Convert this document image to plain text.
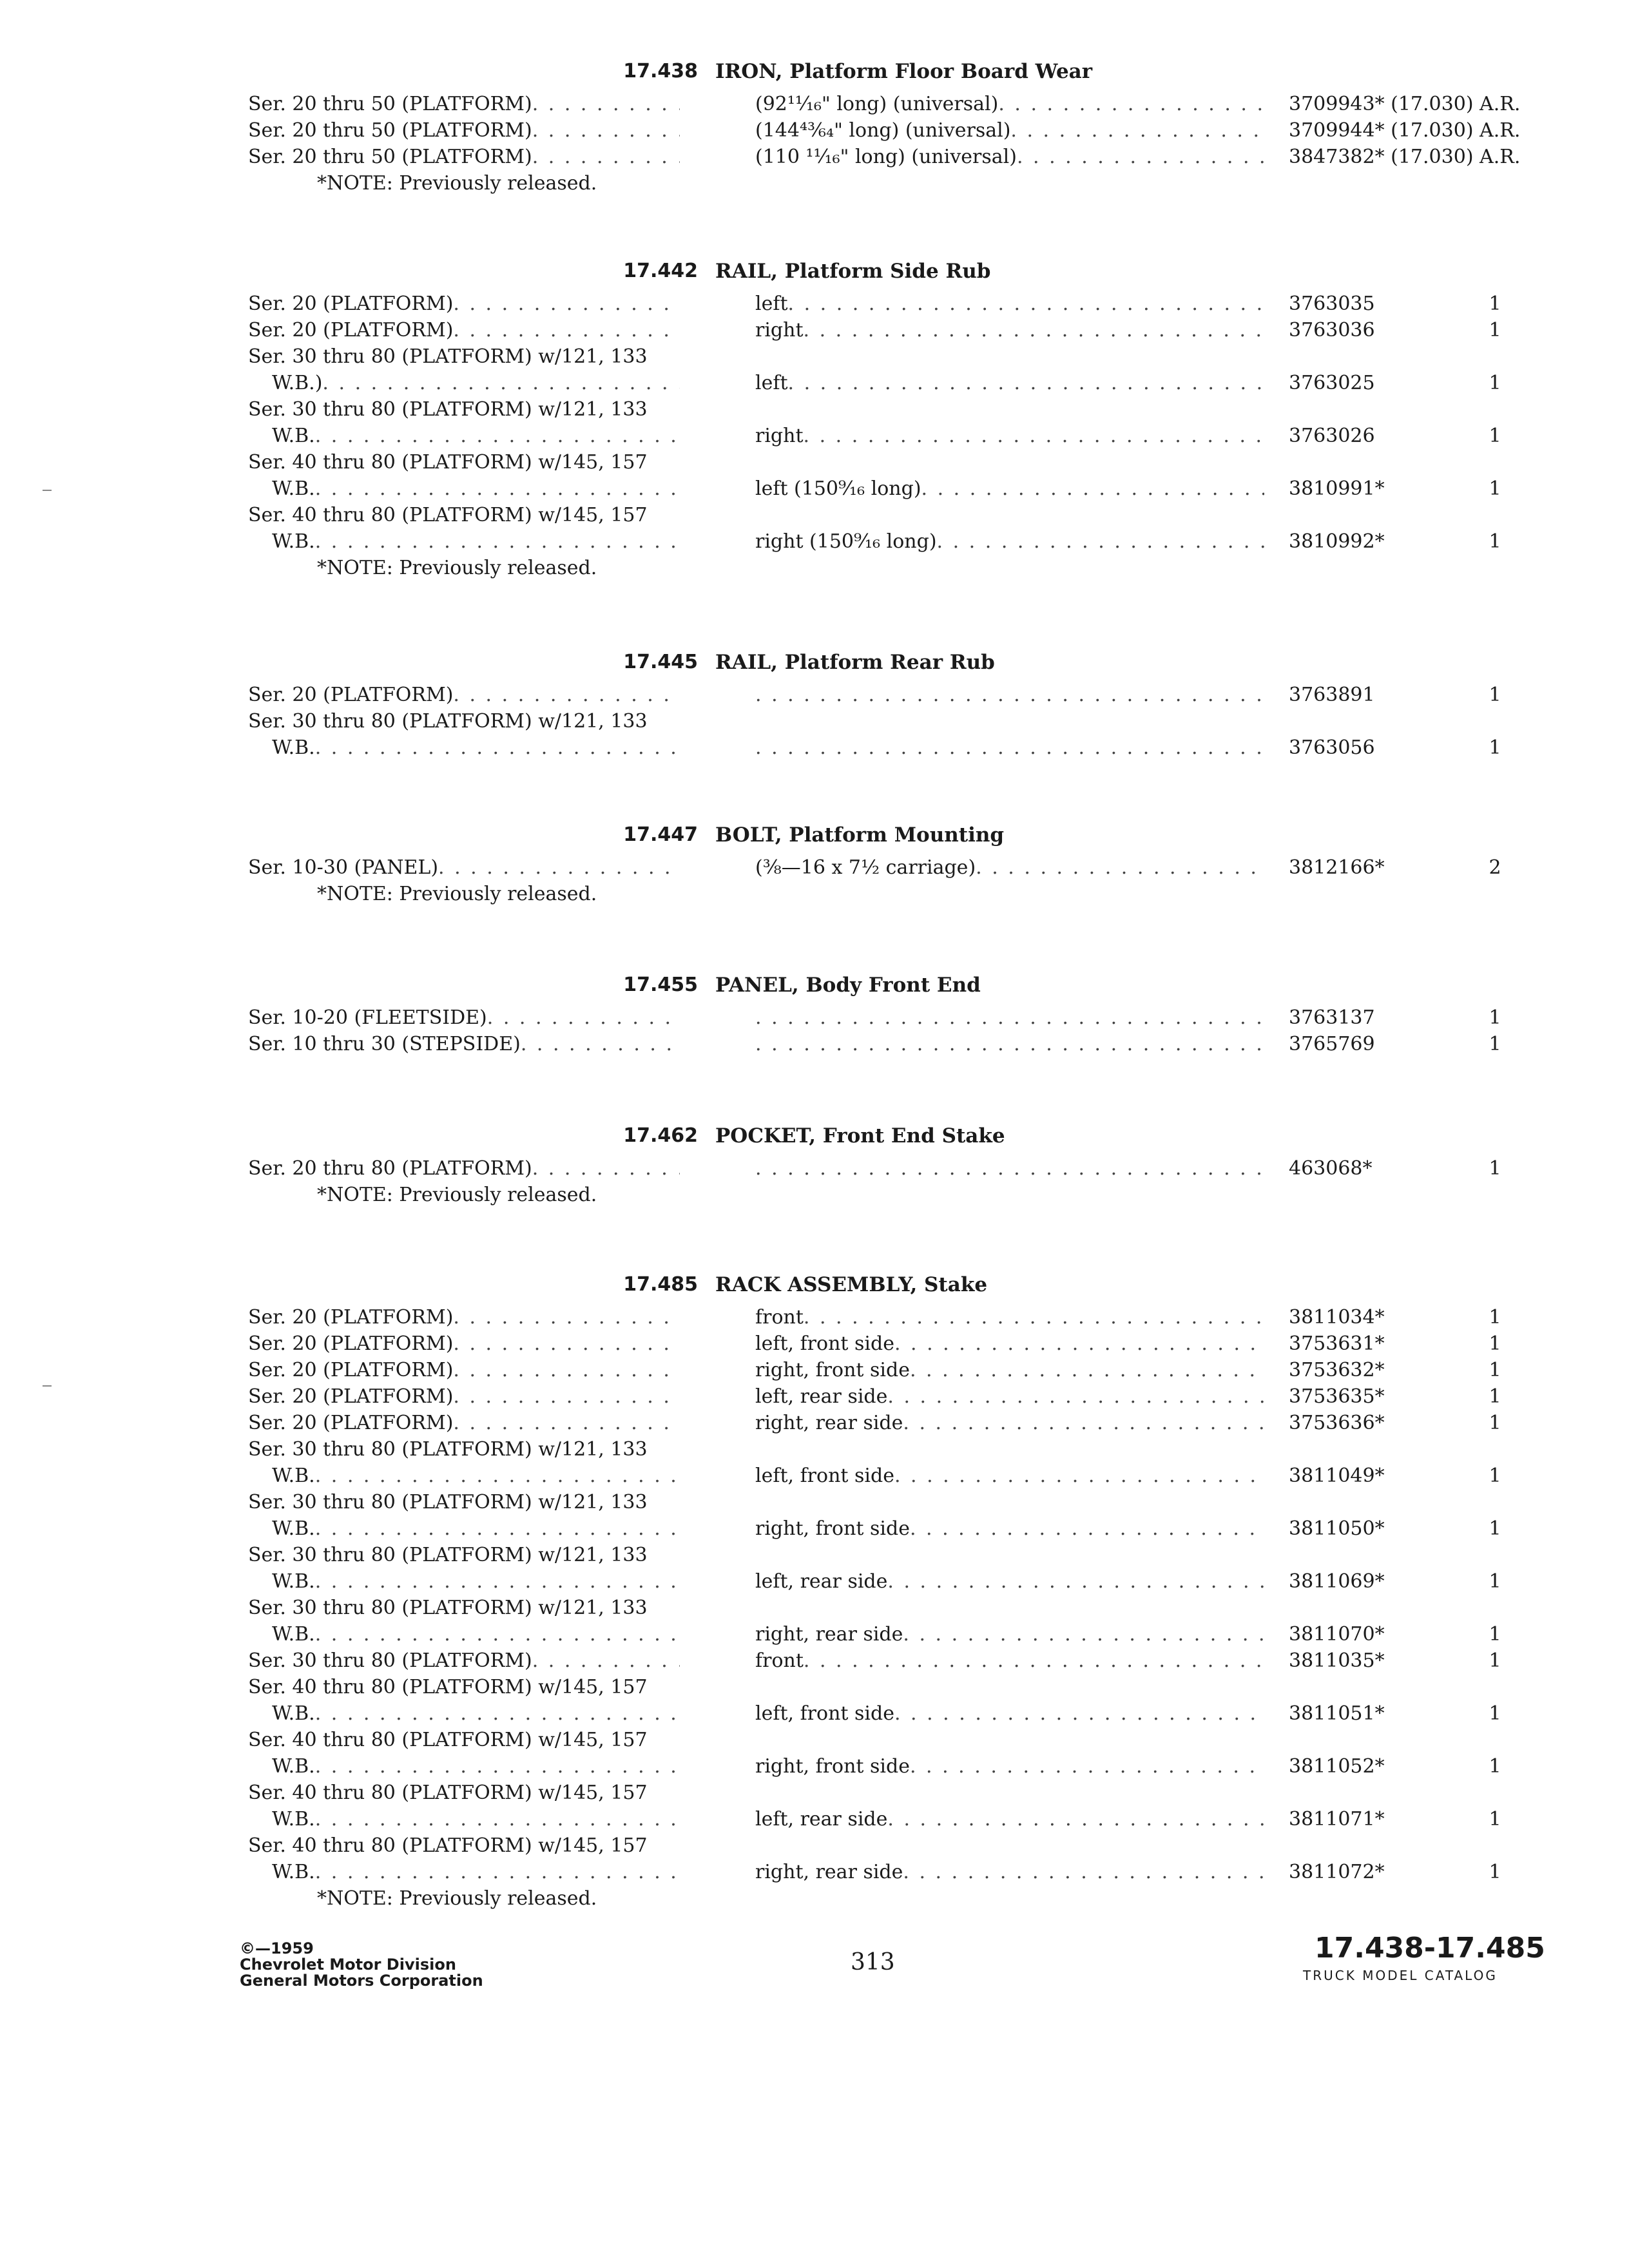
17.438 IRON, Platform Floor Board Wear
Ser. 20 thru 50 (PLATFORM) . . .	(92¹¹⁄₁₆" long) (universal) . . .	3709943* (17.030) A.R.
Ser. 20 thru 50 (PLATFORM) . . .	(144⁴³⁄₆₄" long) (universal) . . .	3709944* (17.030) A.R.
Ser. 20 thru 50 (PLATFORM) . . .	(110 ¹¹⁄₁₆" long) (universal) . . .	3847382* (17.030) A.R.
*NOTE: Previously released.
17.442 RAIL, Platform Side Rub
Ser. 20 (PLATFORM) . . .	left . . .	3763035	1
Ser. 20 (PLATFORM) . . .	right . . .	3763036	1
Ser. 30 thru 80 (PLATFORM) w/121, 133
W.B.) . . .	left . . .	3763025	1
Ser. 30 thru 80 (PLATFORM) w/121, 133
W.B. . . .	right . . .	3763026	1
Ser. 40 thru 80 (PLATFORM) w/145, 157
W.B. . . .	left (150⁹⁄₁₆ long) . . .	3810991*	1
Ser. 40 thru 80 (PLATFORM) w/145, 157
W.B. . . .	right (150⁹⁄₁₆ long) . . .	3810992*	1
*NOTE: Previously released.
17.445 RAIL, Platform Rear Rub
Ser. 20 (PLATFORM) . . . . . .	3763891	1
Ser. 30 thru 80 (PLATFORM) w/121, 133
W.B. . . . . . .	3763056	1
17.447 BOLT, Platform Mounting
Ser. 10-30 (PANEL) . . .	(³⁄₈—16 x 7½ carriage) . . .	3812166*	2
*NOTE: Previously released.
17.455 PANEL, Body Front End
Ser. 10-20 (FLEETSIDE) . . . . . .	3763137	1
Ser. 10 thru 30 (STEPSIDE) . . . . . .	3765769	1
17.462 POCKET, Front End Stake
Ser. 20 thru 80 (PLATFORM) . . . . . .	463068*	1
*NOTE: Previously released.
17.485 RACK ASSEMBLY, Stake
Ser. 20 (PLATFORM) . . .	front . . .	3811034*	1
Ser. 20 (PLATFORM) . . .	left, front side . . .	3753631*	1
Ser. 20 (PLATFORM) . . .	right, front side . . .	3753632*	1
Ser. 20 (PLATFORM) . . .	left, rear side . . .	3753635*	1
Ser. 20 (PLATFORM) . . .	right, rear side . . .	3753636*	1
Ser. 30 thru 80 (PLATFORM) w/121, 133
W.B. . . .	left, front side . . .	3811049*	1
Ser. 30 thru 80 (PLATFORM) w/121, 133
W.B. . . .	right, front side . . .	3811050*	1
Ser. 30 thru 80 (PLATFORM) w/121, 133
W.B. . . .	left, rear side . . .	3811069*	1
Ser. 30 thru 80 (PLATFORM) w/121, 133
W.B. . . .	right, rear side . . .	3811070*	1
Ser. 30 thru 80 (PLATFORM) . . .	front . . .	3811035*	1
Ser. 40 thru 80 (PLATFORM) w/145, 157
W.B. . . .	left, front side . . .	3811051*	1
Ser. 40 thru 80 (PLATFORM) w/145, 157
W.B. . . .	right, front side . . .	3811052*	1
Ser. 40 thru 80 (PLATFORM) w/145, 157
W.B. . . .	left, rear side . . .	3811071*	1
Ser. 40 thru 80 (PLATFORM) w/145, 157
W.B. . . .	right, rear side . . .	3811072*	1
*NOTE: Previously released.
©—1959
Chevrolet Motor Division
General Motors Corporation
313	17.438-17.485
TRUCK MODEL CATALOG
